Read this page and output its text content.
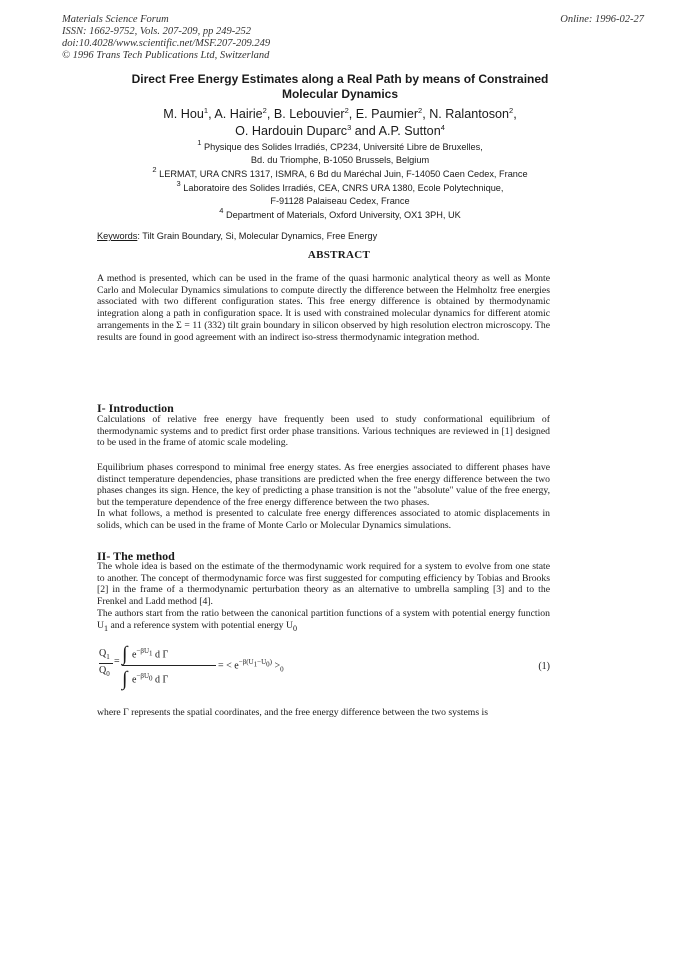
Materials Science Forum
ISSN: 1662-9752, Vols. 207-209, pp 249-252
doi:10.4028/www.scientific.net/MSF.207-209.249
© 1996 Trans Tech Publications Ltd, Switzerland
Online: 1996-02-27
Direct Free Energy Estimates along a Real Path by means of Constrained
Molecular Dynamics
M. Hou$^1$, A. Hairie$^2$, B. Lebouvier$^2$, E. Paumier$^2$, N. Ralantoson$^2$,
O. Hardouin Duparc$^3$ and A.P. Sutton$^4$
$^1$ Physique des Solides Irradiés, CP234, Université Libre de Bruxelles,
Bd. du Triomphe, B-1050 Brussels, Belgium
$^2$ LERMAT, URA CNRS 1317, ISMRA, 6 Bd du Maréchal Juin, F-14050 Caen Cedex, France
$^3$ Laboratoire des Solides Irradiés, CEA, CNRS URA 1380, Ecole Polytechnique,
F-91128 Palaiseau Cedex, France
$^4$ Department of Materials, Oxford University, OX1 3PH, UK
Keywords: Tilt Grain Boundary, Si, Molecular Dynamics, Free Energy
ABSTRACT
A method is presented, which can be used in the frame of the quasi harmonic analytical theory as well as Monte Carlo and Molecular Dynamics simulations to compute directly the difference between the Helmholtz free energies associated with two different configuration states. This free energy difference is obtained by thermodynamic integration along a path in configuration space. It is used with constrained molecular dynamics for different atomic arrangements in the Σ = 11 (332) tilt grain boundary in silicon observed by high resolution electron microscopy. The results are found in good agreement with an indirect iso-stress thermodynamic integration method.
I- Introduction
Calculations of relative free energy have frequently been used to study conformational equilibrium of thermodynamic systems and to predict first order phase transitions. Various techniques are reviewed in [1] designed to be used in the frame of atomic scale modeling.
Equilibrium phases correspond to minimal free energy states. As free energies associated to different phases have distinct temperature dependencies, phase transitions are predicted when the free energy difference between the two phases changes its sign. Hence, the key of predicting a phase transition is not the "absolute" value of the free energy, but the temperature dependence of the free energy difference between the two phases.
In what follows, a method is presented to calculate free energy differences associated to atomic displacements in solids, which can be used in the frame of Monte Carlo or Molecular Dynamics simulations.
II- The method
The whole idea is based on the estimate of the thermodynamic work required for a system to evolve from one state to another. The concept of thermodynamic force was first suggested for computing efficiency by Tobias and Brooks [2] in the frame of a thermodynamic perturbation theory as an alternative to umbrella sampling [3] and to the Frenkel and Ladd method [4].
The authors start from the ratio between the canonical partition functions of a system with potential energy function $U_1$ and a reference system with potential energy $U_0$
$Q_1$
$Q_0$
= ∫ $e^{-\beta U_1}$ d Γ
∫ $e^{-\beta U_0}$ d Γ
= < $e^{-\beta(U_1-U_0)} >_0$	(1)
where Γ represents the spatial coordinates, and the free energy difference between the two systems is
